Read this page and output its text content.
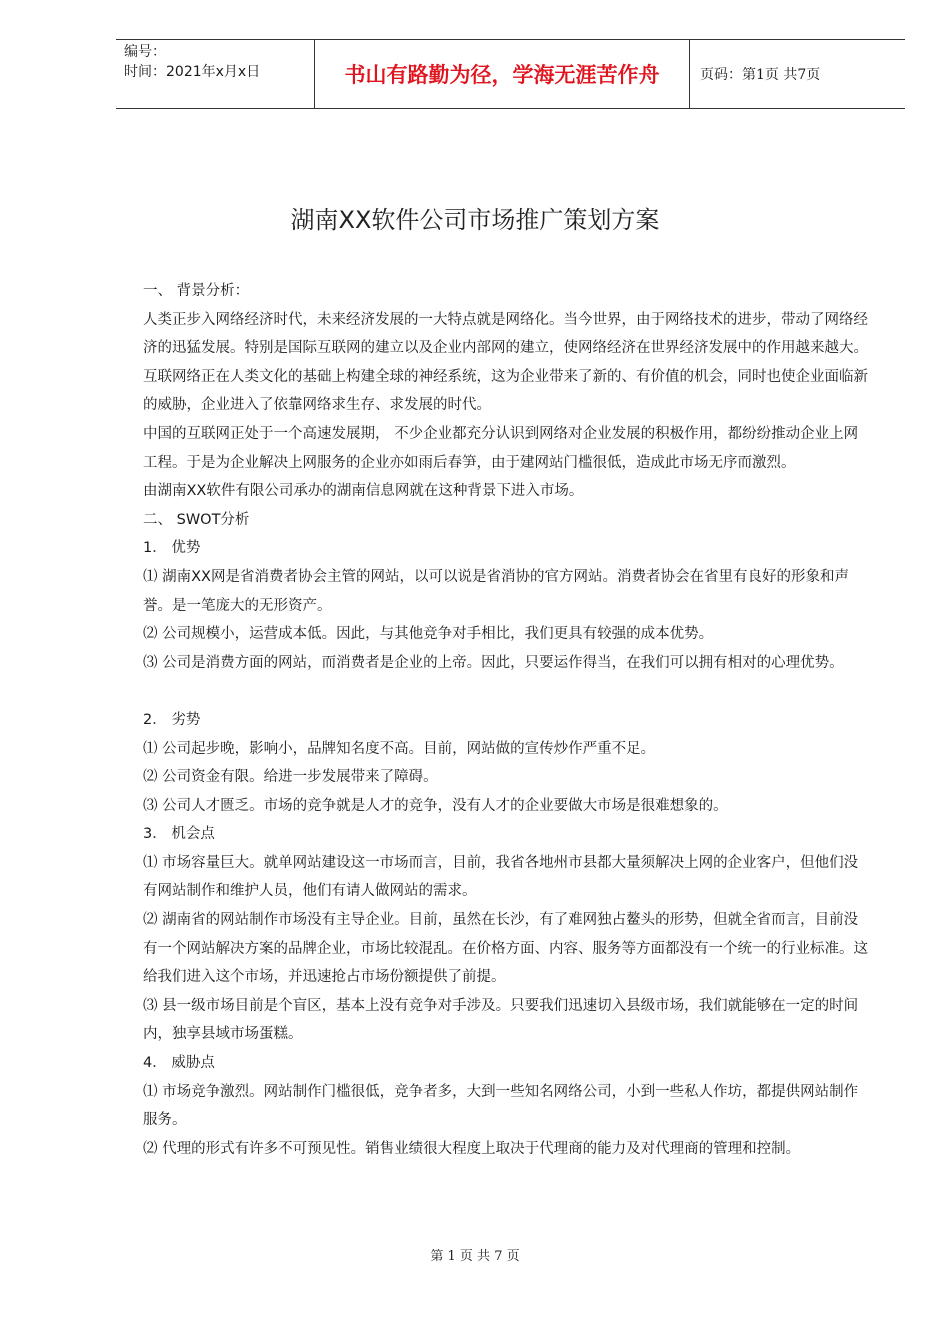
编号：
时间：2021年x月x日	书山有路勤为径，学海无涯苦作舟	页码：第1页 共7页
湖南XX软件公司市场推广策划方案

一、 背景分析：

人类正步入网络经济时代，未来经济发展的一大特点就是网络化。当今世界，由于网络技术的进步，带动了网络经济的迅猛发展。特别是国际互联网的建立以及企业内部网的建立，使网络经济在世界经济发展中的作用越来越大。互联网络正在人类文化的基础上构建全球的神经系统，这为企业带来了新的、有价值的机会，同时也使企业面临新的威胁，企业进入了依靠网络求生存、求发展的时代。

中国的互联网正处于一个高速发展期， 不少企业都充分认识到网络对企业发展的积极作用，都纷纷推动企业上网工程。于是为企业解决上网服务的企业亦如雨后春笋，由于建网站门槛很低，造成此市场无序而激烈。

由湖南XX软件有限公司承办的湖南信息网就在这种背景下进入市场。

二、 SWOT分析

1． 优势

⑴ 湖南XX网是省消费者协会主管的网站，以可以说是省消协的官方网站。消费者协会在省里有良好的形象和声誉。是一笔庞大的无形资产。

⑵ 公司规模小，运营成本低。因此，与其他竞争对手相比，我们更具有较强的成本优势。

⑶ 公司是消费方面的网站，而消费者是企业的上帝。因此，只要运作得当，在我们可以拥有相对的心理优势。

2． 劣势

⑴ 公司起步晚，影响小，品牌知名度不高。目前，网站做的宣传炒作严重不足。

⑵ 公司资金有限。给进一步发展带来了障碍。

⑶ 公司人才匮乏。市场的竞争就是人才的竞争，没有人才的企业要做大市场是很难想象的。

3． 机会点

⑴ 市场容量巨大。就单网站建设这一市场而言，目前，我省各地州市县都大量须解决上网的企业客户，但他们没有网站制作和维护人员，他们有请人做网站的需求。

⑵ 湖南省的网站制作市场没有主导企业。目前，虽然在长沙，有了难网独占鳌头的形势，但就全省而言，目前没有一个网站解决方案的品牌企业，市场比较混乱。在价格方面、内容、服务等方面都没有一个统一的行业标准。这给我们进入这个市场，并迅速抢占市场份额提供了前提。

⑶ 县一级市场目前是个盲区，基本上没有竞争对手涉及。只要我们迅速切入县级市场，我们就能够在一定的时间内，独享县域市场蛋糕。

4． 威胁点

⑴ 市场竞争激烈。网站制作门槛很低，竞争者多，大到一些知名网络公司，小到一些私人作坊，都提供网站制作服务。

⑵ 代理的形式有许多不可预见性。销售业绩很大程度上取决于代理商的能力及对代理商的管理和控制。

第 1 页 共 7 页
